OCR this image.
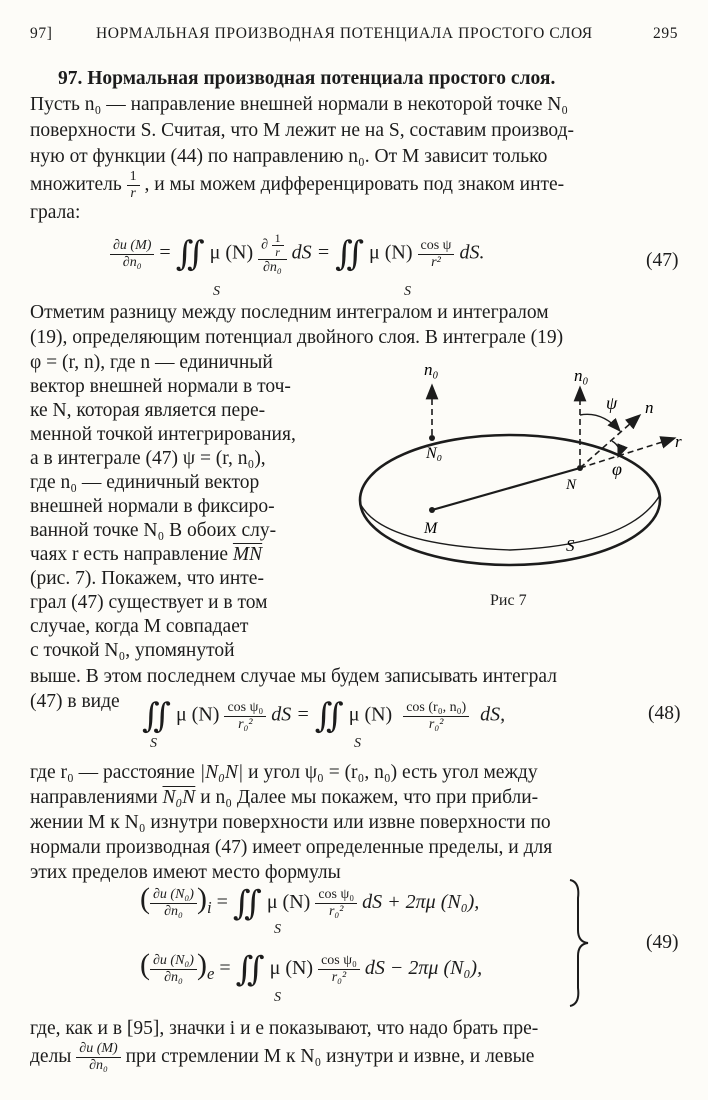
97]	НОРМАЛЬНАЯ ПРОИЗВОДНАЯ ПОТЕНЦИАЛА ПРОСТОГО СЛОЯ	295
97. Нормальная производная потенциала простого слоя.
Пусть n₀ — направление внешней нормали в некоторой точке N₀
поверхности S. Считая, что M лежит не на S, составим производ-
ную от функции (44) по направлению n₀. От M зависит только
множитель $\frac{1}{r}$ , и мы можем дифференцировать под знаком инте-
грала:
$\frac{\partial u (M)}{\text{∂n₀}}$ = ∬ μ $(N) \frac{\partial \frac{1}{r}}{\text{∂n₀}}$ dS = ∬ μ $(N) \frac{\text{cos ψ}}{\text{r²}}$ dS.
S	S
(47)
Отметим разницу между последним интегралом и интегралом
(19), определяющим потенциал двойного слоя. В интеграле (19)
φ = (r, n), где n — единичный
вектор внешней нормали в точ-
ке N, которая является пере-
менной точкой интегрирования,
а в интеграле (47) ψ = (r, n₀),
где n₀ — единичный вектор
внешней нормали в фиксиро-
ванной точке N₀ В обоих слу-
чаях r есть направление $\overline{MN}$
(рис. 7). Покажем, что инте-
грал (47) существует и в том
случае, когда M совпадает
с точкой N₀, упомянутой
n₀
N₀
M
S
n₀
ψ n
r
φ
N
Рис 7
выше. В этом последнем случае мы будем записывать интеграл
(47) в виде ∬ μ $(N) \frac{\text{cos ψ₀}}{\text{r₀²}}$ dS = ∬ μ $(N) \frac{\text{cos (r₀, n₀)}}{\text{r₀²}}$ dS,
S	S
(48)
где r₀ — расстояние |N₀N| и угол ψ₀ = (r₀, n₀) есть угол между
направлениями N₀N и n₀ Далее мы покажем, что при прибли-
жении M к N₀ изнутри поверхности или извне поверхности по
нормали производная (47) имеет определенные пределы, и для
этих пределов имеют место формулы
( $\frac{\text{∂u (N₀)}}{\text{∂n₀}} )_i$ = ∬ μ $(N) \frac{\text{cos ψ₀}}{\text{r₀²}}$ dS + 2πμ (N₀),
S
( $\frac{\text{∂u (N₀)}}{\text{∂n₀}} )_e$ = ∬ μ $(N) \frac{\text{cos ψ₀}}{\text{r₀²}}$ dS − 2πμ (N₀),
S
(49)
где, как и в [95], значки i и e показывают, что надо брать пре-
делы $\frac{\partial u (M)}{\text{∂n₀}}$ при стремлении M к N₀ изнутри и извне, и левые
